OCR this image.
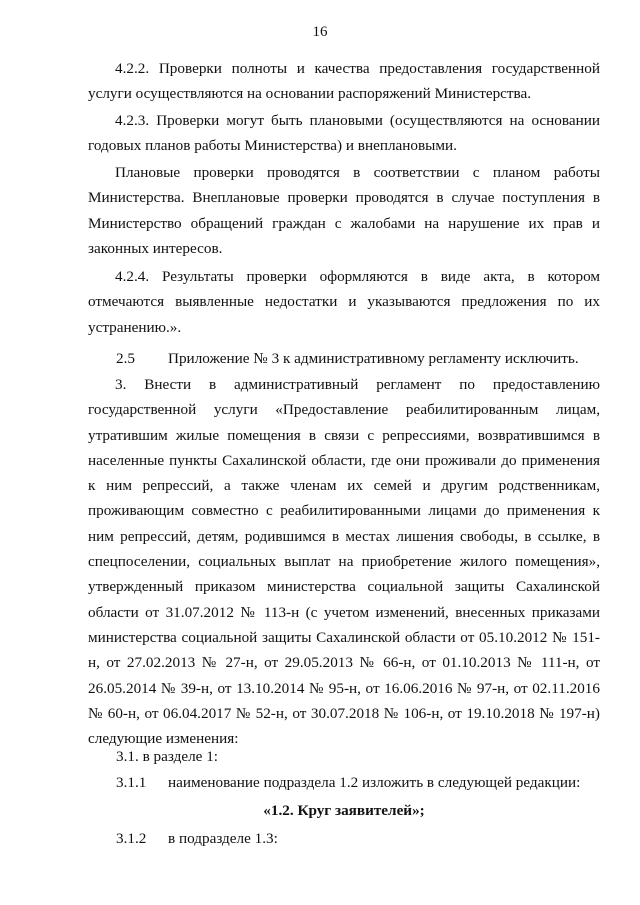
16

4.2.2. Проверки полноты и качества предоставления государственной услуги осуществляются на основании распоряжений Министерства.

4.2.3. Проверки могут быть плановыми (осуществляются на основании годовых планов работы Министерства) и внеплановыми.

Плановые проверки проводятся в соответствии с планом работы Министерства. Внеплановые проверки проводятся в случае поступления в Министерство обращений граждан с жалобами на нарушение их прав и законных интересов.

4.2.4. Результаты проверки оформляются в виде акта, в котором отмечаются выявленные недостатки и указываются предложения по их устранению.».

2.5 Приложение № 3 к административному регламенту исключить.

3. Внести в административный регламент по предоставлению государственной услуги «Предоставление реабилитированным лицам, утратившим жилые помещения в связи с репрессиями, возвратившимся в населенные пункты Сахалинской области, где они проживали до применения к ним репрессий, а также членам их семей и другим родственникам, проживающим совместно с реабилитированными лицами до применения к ним репрессий, детям, родившимся в местах лишения свободы, в ссылке, в спецпоселении, социальных выплат на приобретение жилого помещения», утвержденный приказом министерства социальной защиты Сахалинской области от 31.07.2012 № 113-н (с учетом изменений, внесенных приказами министерства социальной защиты Сахалинской области от 05.10.2012 № 151-н, от 27.02.2013 № 27-н, от 29.05.2013 № 66-н, от 01.10.2013 № 111-н, от 26.05.2014 № 39-н, от 13.10.2014 № 95-н, от 16.06.2016 № 97-н, от 02.11.2016 № 60-н, от 06.04.2017 № 52-н, от 30.07.2018 № 106-н, от 19.10.2018 № 197-н) следующие изменения:

3.1. в разделе 1:
3.1.1 наименование подраздела 1.2 изложить в следующей редакции:
«1.2. Круг заявителей»;
3.1.2 в подразделе 1.3:
